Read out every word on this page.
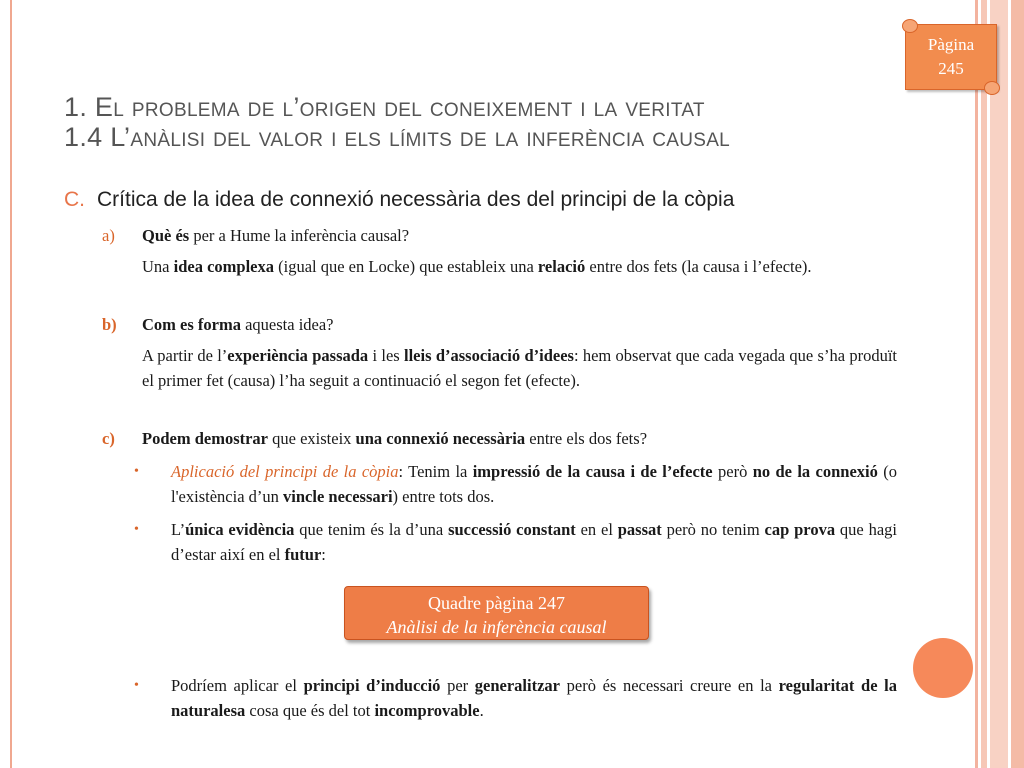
Pàgina
245
1. El problema de l’origen del coneixement i la veritat
1.4 L’anàlisi del valor i els límits de la inferència causal
C. Crítica de la idea de connexió necessària des del principi de la còpia
a) Què és per a Hume la inferència causal?
Una idea complexa (igual que en Locke) que estableix una relació entre dos fets (la causa i l’efecte).
b) Com es forma aquesta idea?
A partir de l’experiència passada i les lleis d’associació d’idees: hem observat que cada vegada que s’ha produït el primer fet (causa) l’ha seguit a continuació el segon fet (efecte).
c) Podem demostrar que existeix una connexió necessària entre els dos fets?
• Aplicació del principi de la còpia: Tenim la impressió de la causa i de l’efecte però no de la connexió (o l'existència d’un vincle necessari) entre tots dos.
• L’única evidència que tenim és la d’una successió constant en el passat però no tenim cap prova que hagi d’estar així en el futur:
Quadre pàgina 247
Anàlisi de la inferència causal
• Podríem aplicar el principi d’inducció per generalitzar però és necessari creure en la regularitat de la naturalesa cosa que és del tot incomprovable.
